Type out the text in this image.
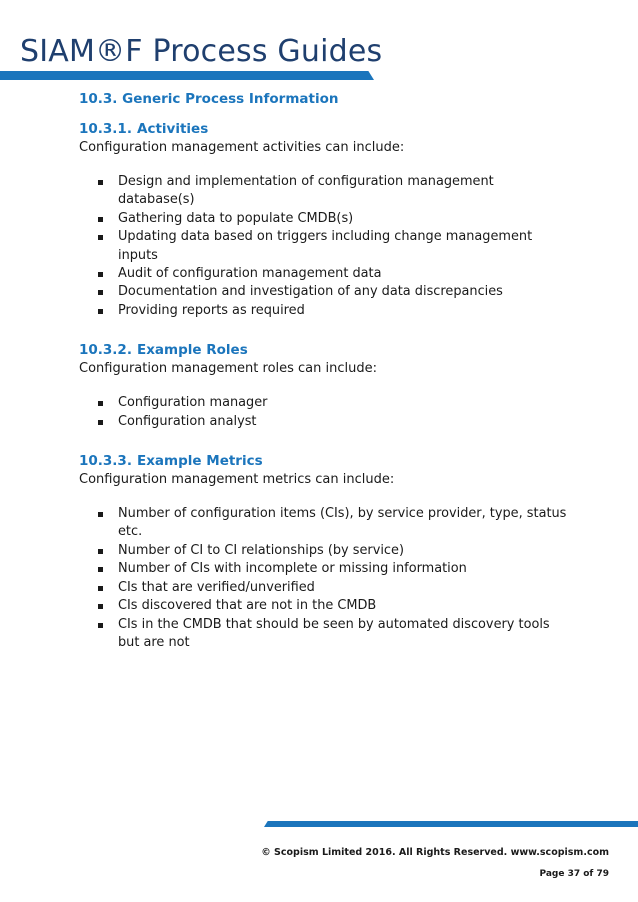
SIAM®F Process Guides
10.3. Generic Process Information
10.3.1. Activities

Configuration management activities can include:

Design and implementation of configuration management database(s)
Gathering data to populate CMDB(s)
Updating data based on triggers including change management inputs
Audit of configuration management data
Documentation and investigation of any data discrepancies
Providing reports as required
10.3.2. Example Roles

Configuration management roles can include:

Configuration manager
Configuration analyst
10.3.3. Example Metrics

Configuration management metrics can include:

Number of configuration items (CIs), by service provider, type, status etc.
Number of CI to CI relationships (by service)
Number of CIs with incomplete or missing information
CIs that are verified/unverified
CIs discovered that are not in the CMDB
CIs in the CMDB that should be seen by automated discovery tools but are not
© Scopism Limited 2016. All Rights Reserved. www.scopism.com
Page 37 of 79
